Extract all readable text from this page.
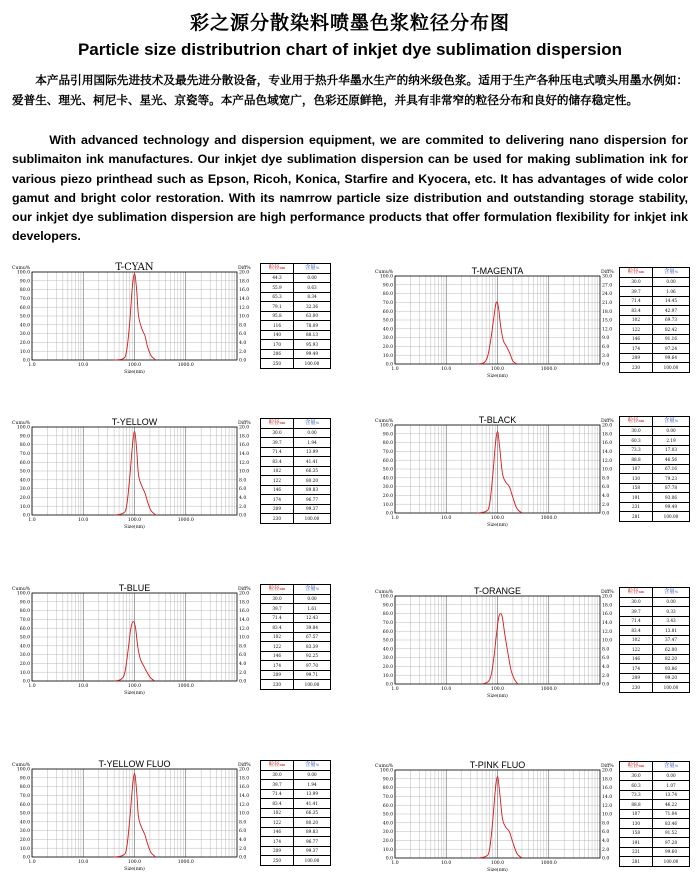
彩之源分散染料喷墨色浆粒径分布图
Particle size distributrion chart of inkjet dye sublimation dispersion
本产品引用国际先进技术及最先进分散设备，专业用于热升华墨水生产的纳米级色浆。适用于生产各种压电式喷头用墨水例如：爱普生、理光、柯尼卡、星光、京瓷等。本产品色域宽广，色彩还原鲜艳，并具有非常窄的粒径分布和良好的储存稳定性。
With advanced technology and dispersion equipment, we are commited to delivering nano dispersion for sublimaiton ink manufactures. Our inkjet dye sublimation dispersion can be used for making sublimation ink for various piezo printhead such as Epson, Ricoh, Konica, Starfire and Kyocera, etc. It has advantages of wide color gamut and bright color restoration. With its namrrow particle size distribution and outstanding storage stability, our inkjet dye sublimation dispersion are high performance products that offer formulation flexibility for inkjet ink developers.
100.0
90.0
80.0
70.0
60.0
50.0
40.0
30.0
20.0
10.0
0.0
20.0
18.0
16.0
14.0
12.0
10.0
8.0
6.0
4.0
2.0
0.0
1.0	10.0	100.0	1000.0
Cumu%	Diff%
Size(nm)
T-CYAN	粒径nm	含量%
44.3	0.00
55.9	0.63
65.3	8.34
79.1	32.36
95.8	63.00
116	78.09
140	88.13
170	95.93
206	99.49
250	100.00
100.0
90.0
80.0
70.0
60.0
50.0
40.0
30.0
20.0
10.0
0.0
30.0
27.0
24.0
21.0
18.0
15.0
12.0
9.0
6.0
3.0
0.0
1.0	10.0	100.0	1000.0
Cumu%	Diff%
Size(nm)
T-MAGENTA	粒径nm	含量%
30.0	0.00
39.7	1.06
71.4	14.45
83.4	42.97
102	69.73
122	82.42
146	91.16
174	97.24
209	99.64
230	100.00
100.0
90.0
80.0
70.0
60.0
50.0
40.0
30.0
20.0
10.0
0.0
20.0
18.0
16.0
14.0
12.0
10.0
8.0
6.0
4.0
2.0
0.0
1.0	10.0	100.0	1000.0
Cumu%	Diff%
Size(nm)
T-YELLOW	粒径nm	含量%
30.0	0.00
39.7	1.94
71.4	13.99
83.4	41.41
102	66.35
122	80.20
146	89.83
174	96.77
209	99.37
230	100.00
100.0
90.0
80.0
70.0
60.0
50.0
40.0
30.0
20.0
10.0
0.0
20.0
18.0
16.0
14.0
12.0
10.0
8.0
6.0
4.0
2.0
0.0
1.0	10.0	100.0	1000.0
Cumu%	Diff%
Size(nm)
T-BLACK	粒径nm	含量%
30.0	0.00
60.3	2.19
73.3	17.03
88.8	46.56
107	67.16
130	79.23
158	87.78
191	93.06
231	99.49
281	100.00
100.0
90.0
80.0
70.0
60.0
50.0
40.0
30.0
20.0
10.0
0.0
20.0
18.0
16.0
14.0
12.0
10.0
8.0
6.0
4.0
2.0
0.0
1.0	10.0	100.0	1000.0
Cumu%	Diff%
Size(nm)
T-BLUE	粒径nm	含量%
30.0	0.00
39.7	1.61
71.4	12.43
83.4	39.84
102	67.57
122	83.39
146	92.25
174	97.70
209	99.71
230	100.00
100.0
90.0
80.0
70.0
60.0
50.0
40.0
30.0
20.0
10.0
0.0
20.0
18.0
16.0
14.0
12.0
10.0
8.0
6.0
4.0
2.0
0.0
1.0	10.0	100.0	1000.0
Cumu%	Diff%
Size(nm)
T-ORANGE	粒径nm	含量%
30.0	0.00
39.7	0.33
71.4	3.43
83.4	13.81
102	37.47
122	62.00
146	82.20
174	93.86
209	99.20
230	100.00
100.0
90.0
80.0
70.0
60.0
50.0
40.0
30.0
20.0
10.0
0.0
20.0
18.0
16.0
14.0
12.0
10.0
8.0
6.0
4.0
2.0
0.0
1.0	10.0	100.0	1000.0
Cumu%	Diff%
Size(nm)
T-YELLOW FLUO	粒径nm	含量%
30.0	0.00
39.7	1.94
71.4	13.99
83.4	41.41
102	66.35
122	80.20
146	89.83
174	96.77
209	99.37
250	100.00
100.0
90.0
80.0
70.0
60.0
50.0
40.0
30.0
20.0
10.0
0.0
20.0
18.0
16.0
14.0
12.0
10.0
8.0
6.0
4.0
2.0
0.0
1.0	10.0	100.0	1000.0
Cumu%	Diff%
Size(nm)
T-PINK FLUO	粒径nm	含量%
30.0	0.00
60.3	1.07
73.3	13.74
88.8	46.22
107	71.04
130	83.46
158	91.52
191	97.28
231	99.60
281	100.00
